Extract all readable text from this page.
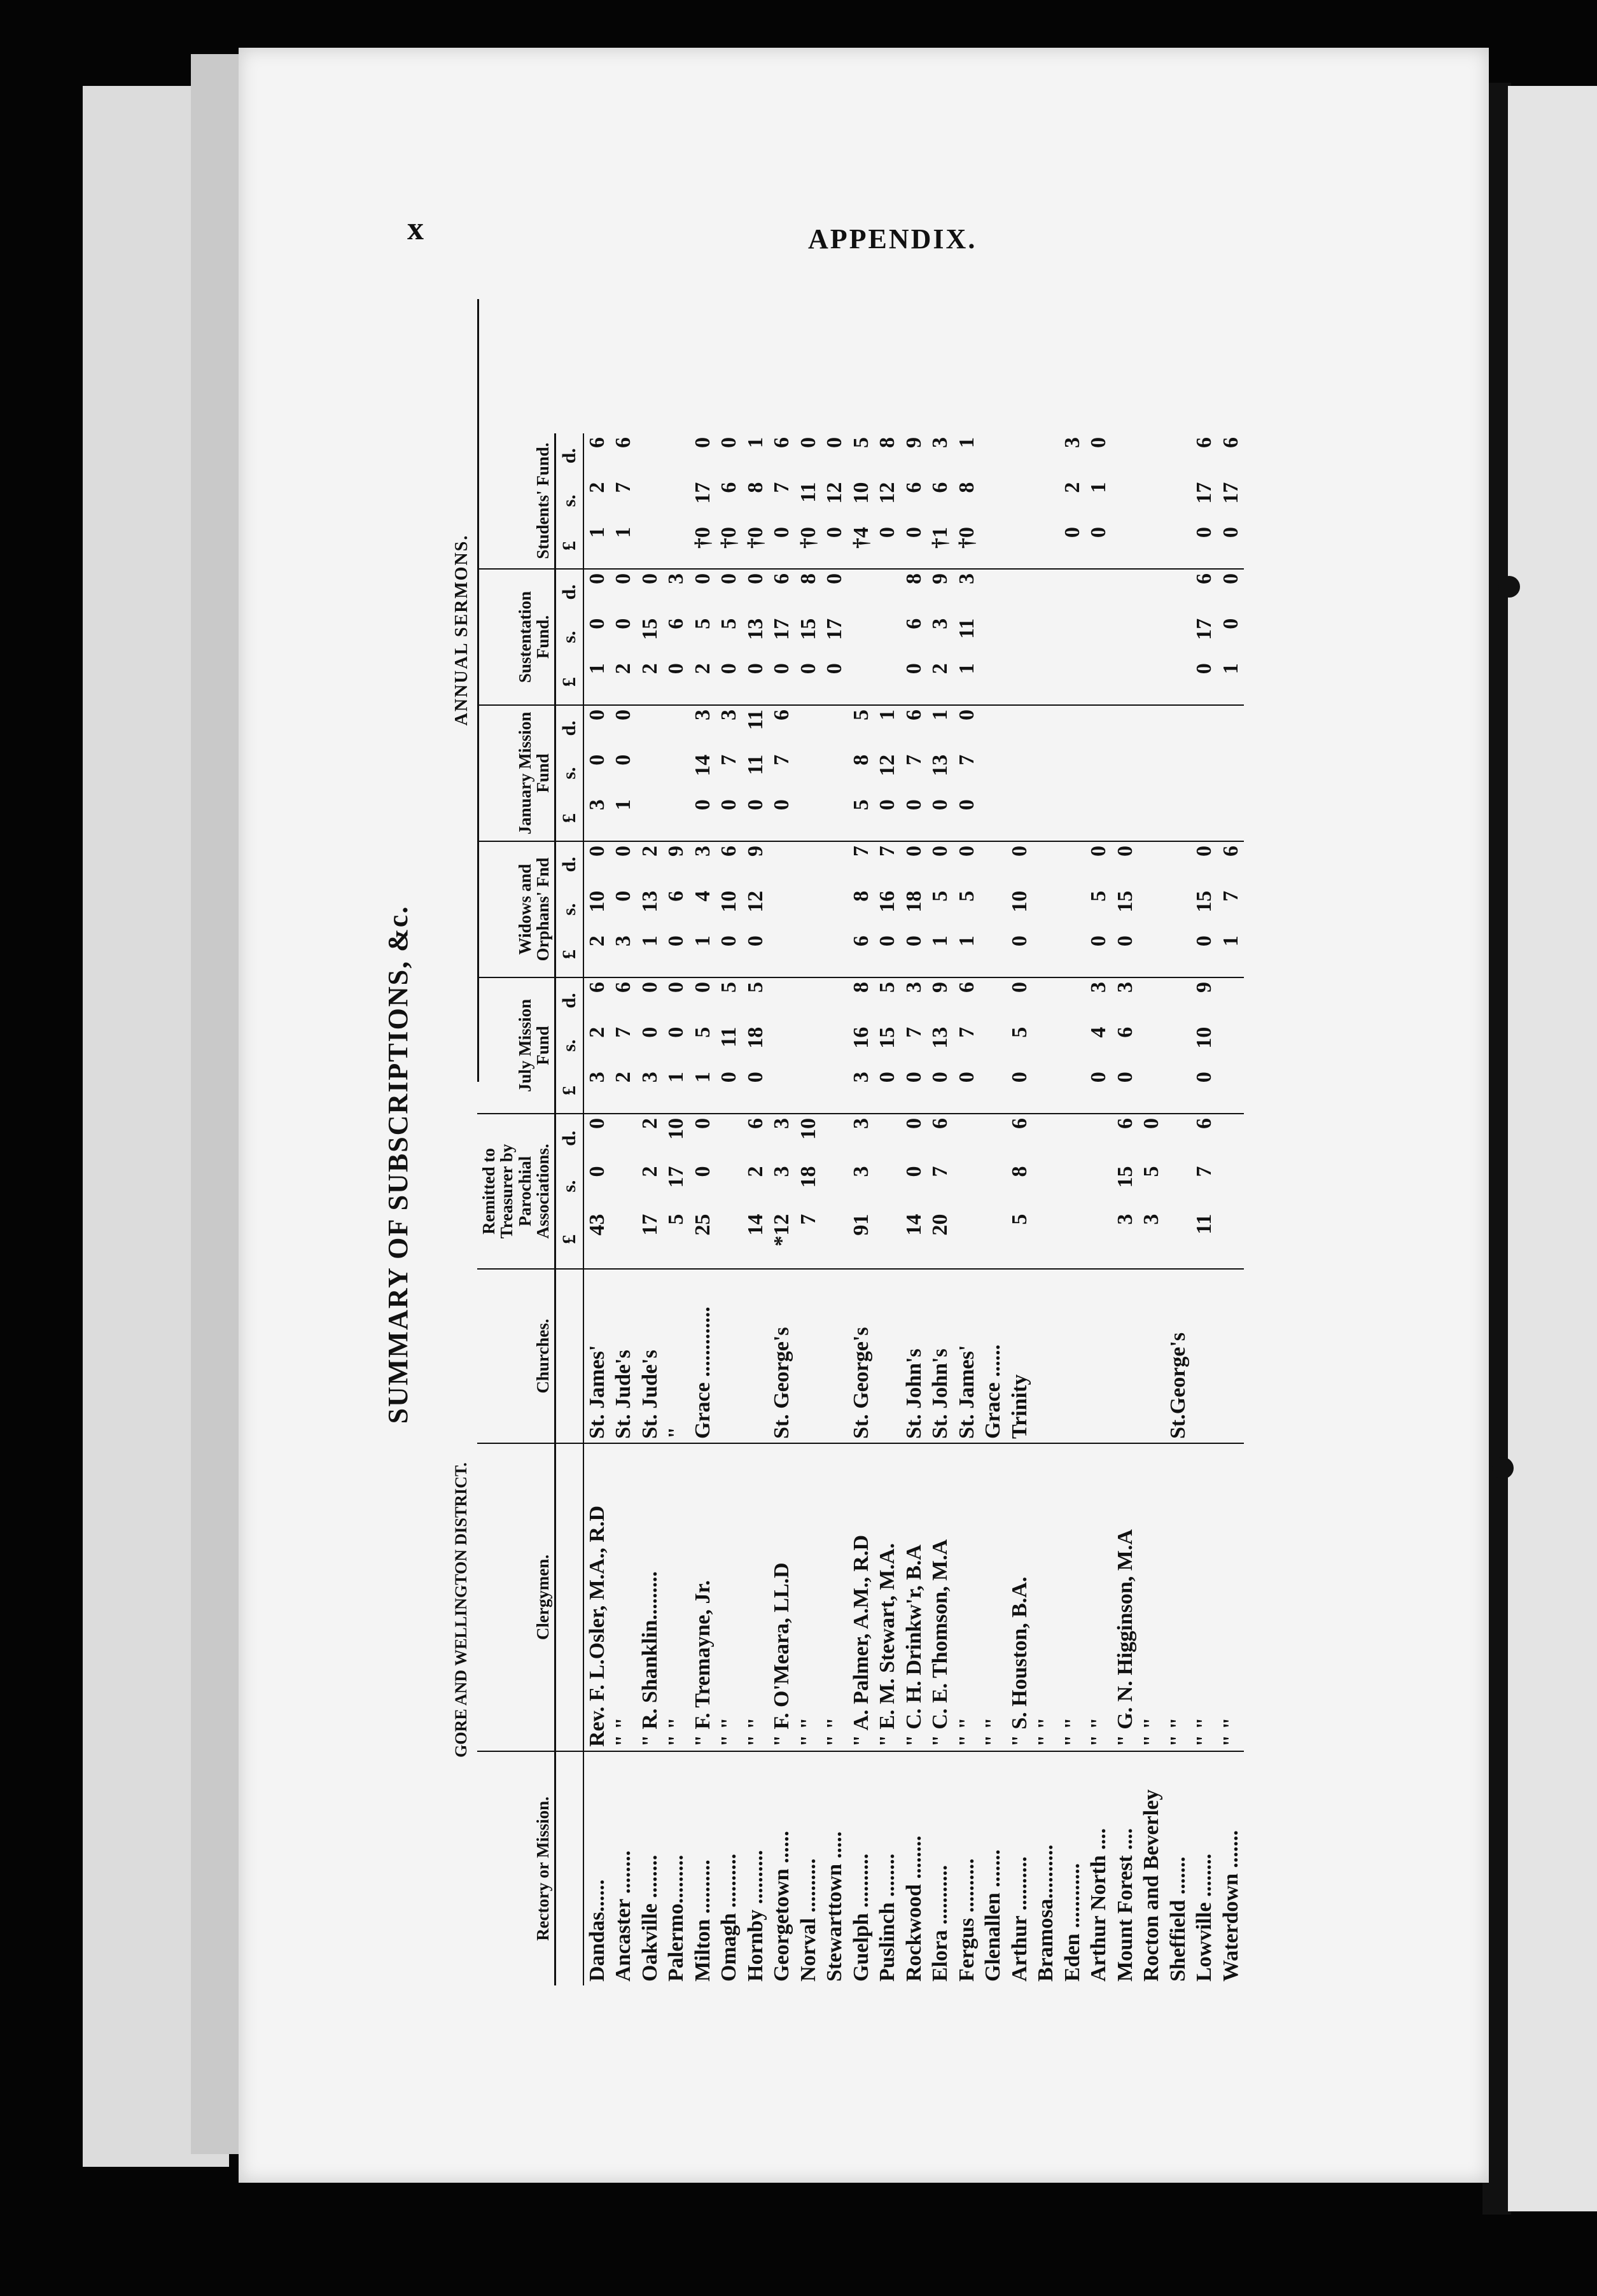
x	APPENDIX.
SUMMARY OF SUBSCRIPTIONS, &c.
GORE AND WELLINGTON DISTRICT.
ANNUAL SERMONS.
Rectory or Mission.	Clergymen.	Churches.	Remitted to Treasurer by Parochial Associations.			July Mission Fund			Widows and Orphans' Fnd			January Mission Fund			Sustentation Fund.			Students' Fund.		
			£	s.	d.	£	s.	d.	£	s.	d.	£	s.	d.	£	s.	d.	£	s.	d.
Dandas......	Rev. F. L.Osler, M.A., R.D	St. James'	43	0	0	3	2	6	2	10	0	3	0	0	1	0	0	1	2	6
Ancaster ........	" "	St. Jude's				2	7	6	3	0	0	1	0	0	2	0	0	1	7	6
Oakville ........	" R. Shanklin.........	St. Jude's	17	2	2	3	0	0	1	13	2				2	15	0			
Palermo.........	" "	"	5	17	10	1	0	0	0	6	9				0	6	3			
Milton ..........	" F. Tremayne, Jr.	Grace .............	25	0	0	1	5	0	1	4	3	0	14	3	2	5	0	†0	17	0
Omagh ..........	" "					0	11	5	0	10	6	0	7	3	0	5	0	†0	6	0
Hornby ..........	" "		14	2	6	0	18	5	0	12	9	0	11	11	0	13	0	†0	8	1
Georgetown ......	" F. O'Meara, LL.D	St. George's	*12	3	3							0	7	6	0	17	6	0	7	6
Norval ..........	" "		7	18	10										0	15	8	†0	11	0
Stewarttown .....	" "														0	17	0	0	12	0
Guelph ..........	" A. Palmer, A.M., R.D	St. George's	91	3	3	3	16	8	6	8	7	5	8	5				†4	10	5
Puslinch ........	" E. M. Stewart, M.A.					0	15	5	0	16	7	0	12	1				0	12	8
Rockwood ........	" C. H. Drinkw'r, B.A	St. John's	14	0	0	0	7	3	0	18	0	0	7	6	0	6	8	0	6	9
Elora ...........	" C. E. Thomson, M.A	St. John's	20	7	6	0	13	9	1	5	0	0	13	1	2	3	9	†1	6	3
Fergus ..........	" "	St. James'				0	7	6	1	5	0	0	7	0	1	11	3	†0	8	1
Glenallen .......	" "	Grace ......																		
Arthur ..........	" S. Houston, B.A.	Trinity	5	8	6	0	5	0	0	10	0									
Bramosa..........	" "																			
Eden ............	" "																	0	2	3
Arthur North ....	" "					0	4	3	0	5	0							0	1	0
Mount Forest ....	" G. N. Higginson, M.A		3	15	6	0	6	3	0	15	0									
Rocton and Beverley	" "		3	5	0															
Sheffield .......	" "	St.George's																		
Lowville ........	" "		11	7	6	0	10	9	0	15	0				0	17	6	0	17	6
Waterdown .......	" "								1	7	6				1	0	0	0	17	6
